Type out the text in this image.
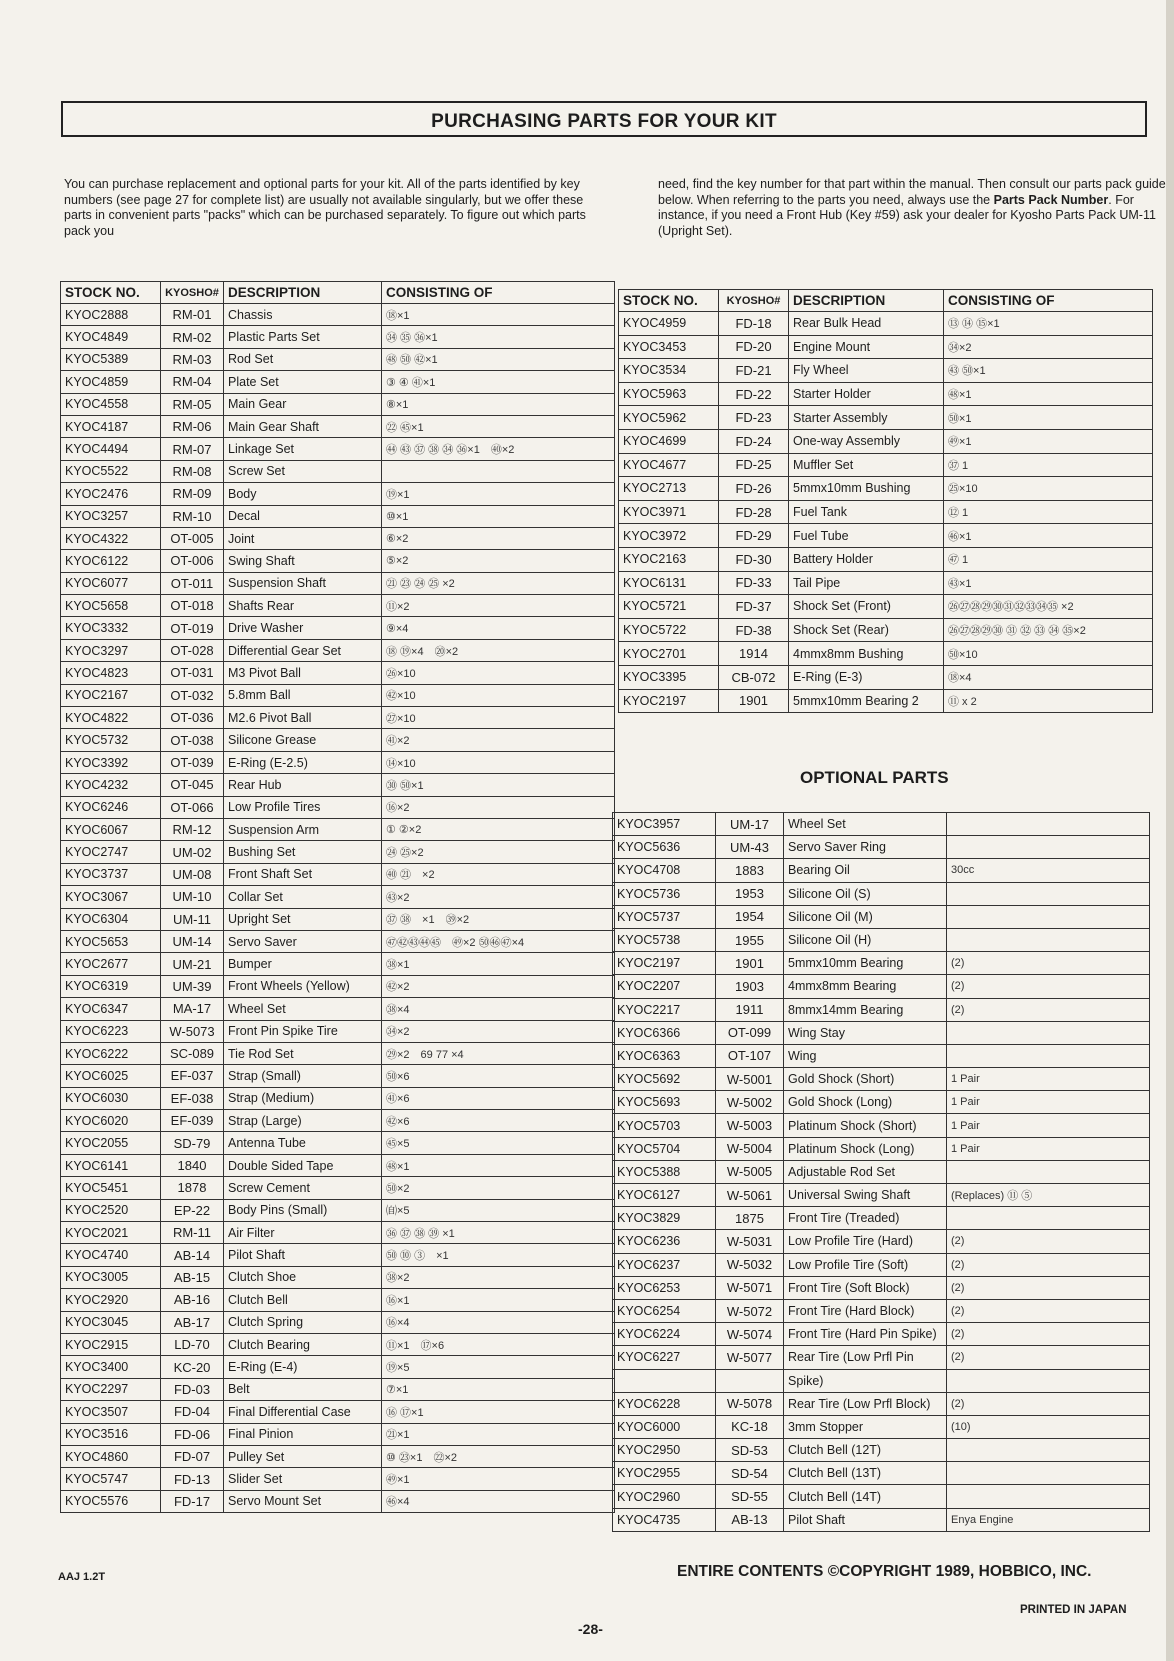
PURCHASING PARTS FOR YOUR KIT
You can purchase replacement and optional parts for your kit. All of the parts identified by key numbers (see page 27 for complete list) are usually not available singularly, but we offer these parts in convenient parts "packs" which can be purchased separately. To figure out which parts pack you
need, find the key number for that part within the manual. Then consult our parts pack guide below. When referring to the parts you need, always use the Parts Pack Number. For instance, if you need a Front Hub (Key #59) ask your dealer for Kyosho Parts Pack UM-11 (Upright Set).
STOCK NO.	KYOSHO#	DESCRIPTION	CONSISTING OF
KYOC2888	RM-01	Chassis	⑱×1
KYOC4849	RM-02	Plastic Parts Set	㉞ ㉟ ㊱×1
KYOC5389	RM-03	Rod Set	㊽ ㊿ ㊷×1
KYOC4859	RM-04	Plate Set	③ ④ ㊶×1
KYOC4558	RM-05	Main Gear	⑧×1
KYOC4187	RM-06	Main Gear Shaft	㉒ ㊺×1
KYOC4494	RM-07	Linkage Set	㊹ ㊸ ㊲ ㊳ ㉞ ㊱×1　㊵×2
KYOC5522	RM-08	Screw Set	
KYOC2476	RM-09	Body	⑲×1
KYOC3257	RM-10	Decal	⑩×1
KYOC4322	OT-005	Joint	⑥×2
KYOC6122	OT-006	Swing Shaft	⑤×2
KYOC6077	OT-011	Suspension Shaft	㉑ ㉓ ㉔ ㉕ ×2
KYOC5658	OT-018	Shafts Rear	⑪×2
KYOC3332	OT-019	Drive Washer	⑨×4
KYOC3297	OT-028	Differential Gear Set	⑱ ⑲×4　⑳×2
KYOC4823	OT-031	M3 Pivot Ball	㉖×10
KYOC2167	OT-032	5.8mm Ball	㊷×10
KYOC4822	OT-036	M2.6 Pivot Ball	㉗×10
KYOC5732	OT-038	Silicone Grease	㊶×2
KYOC3392	OT-039	E-Ring (E-2.5)	⑭×10
KYOC4232	OT-045	Rear Hub	㉚ ㊿×1
KYOC6246	OT-066	Low Profile Tires	⑯×2
KYOC6067	RM-12	Suspension Arm	① ②×2
KYOC2747	UM-02	Bushing Set	㉔ ㉕×2
KYOC3737	UM-08	Front Shaft Set	㊵ ㉑　×2
KYOC3067	UM-10	Collar Set	㊸×2
KYOC6304	UM-11	Upright Set	㊲ ㊳　×1　㊴×2
KYOC5653	UM-14	Servo Saver	㊼㊷㊸㊹㊺　㊾×2 ㊿㊻㊼×4
KYOC2677	UM-21	Bumper	㊳×1
KYOC6319	UM-39	Front Wheels (Yellow)	㊷×2
KYOC6347	MA-17	Wheel Set	㊳×4
KYOC6223	W-5073	Front Pin Spike Tire	㉞×2
KYOC6222	SC-089	Tie Rod Set	㉙×2　69 77 ×4
KYOC6025	EF-037	Strap (Small)	㊿×6
KYOC6030	EF-038	Strap (Medium)	㊶×6
KYOC6020	EF-039	Strap (Large)	㊷×6
KYOC2055	SD-79	Antenna Tube	㊺×5
KYOC6141	1840	Double Sided Tape	㊽×1
KYOC5451	1878	Screw Cement	㊿×2
KYOC2520	EP-22	Body Pins (Small)	㉂×5
KYOC2021	RM-11	Air Filter	㊱ ㊲ ㊳ ㊴ ×1
KYOC4740	AB-14	Pilot Shaft	㊿ ⑩ ③　×1
KYOC3005	AB-15	Clutch Shoe	㊳×2
KYOC2920	AB-16	Clutch Bell	⑯×1
KYOC3045	AB-17	Clutch Spring	⑯×4
KYOC2915	LD-70	Clutch Bearing	⑪×1　⑰×6
KYOC3400	KC-20	E-Ring (E-4)	⑲×5
KYOC2297	FD-03	Belt	⑦×1
KYOC3507	FD-04	Final Differential Case	⑯ ⑰×1
KYOC3516	FD-06	Final Pinion	㉑×1
KYOC4860	FD-07	Pulley Set	⑩ ㉓×1　㉒×2
KYOC5747	FD-13	Slider Set	㊾×1
KYOC5576	FD-17	Servo Mount Set	㊻×4
STOCK NO.	KYOSHO#	DESCRIPTION	CONSISTING OF
KYOC4959	FD-18	Rear Bulk Head	⑬ ⑭ ⑮×1
KYOC3453	FD-20	Engine Mount	㉞×2
KYOC3534	FD-21	Fly Wheel	㊸ ㊿×1
KYOC5963	FD-22	Starter Holder	㊽×1
KYOC5962	FD-23	Starter Assembly	㊿×1
KYOC4699	FD-24	One-way Assembly	㊾×1
KYOC4677	FD-25	Muffler Set	㊲ 1
KYOC2713	FD-26	5mmx10mm Bushing	㉕×10
KYOC3971	FD-28	Fuel Tank	⑫ 1
KYOC3972	FD-29	Fuel Tube	㊻×1
KYOC2163	FD-30	Battery Holder	㊼ 1
KYOC6131	FD-33	Tail Pipe	㊸×1
KYOC5721	FD-37	Shock Set (Front)	㉖㉗㉘㉙㉚㉛㉜㉝㉞㉟ ×2
KYOC5722	FD-38	Shock Set (Rear)	㉖㉗㉘㉙㉚ ㉛ ㉜ ㉝ ㉞ ㉟×2
KYOC2701	1914	4mmx8mm Bushing	㊿×10
KYOC3395	CB-072	E-Ring (E-3)	⑱×4
KYOC2197	1901	5mmx10mm Bearing 2	⑪ x 2
OPTIONAL PARTS
KYOC3957	UM-17	Wheel Set	
KYOC5636	UM-43	Servo Saver Ring	
KYOC4708	1883	Bearing Oil	30cc
KYOC5736	1953	Silicone Oil (S)	
KYOC5737	1954	Silicone Oil (M)	
KYOC5738	1955	Silicone Oil (H)	
KYOC2197	1901	5mmx10mm Bearing	(2)
KYOC2207	1903	4mmx8mm Bearing	(2)
KYOC2217	1911	8mmx14mm Bearing	(2)
KYOC6366	OT-099	Wing Stay	
KYOC6363	OT-107	Wing	
KYOC5692	W-5001	Gold Shock (Short)	1 Pair
KYOC5693	W-5002	Gold Shock (Long)	1 Pair
KYOC5703	W-5003	Platinum Shock (Short)	1 Pair
KYOC5704	W-5004	Platinum Shock (Long)	1 Pair
KYOC5388	W-5005	Adjustable Rod Set	
KYOC6127	W-5061	Universal Swing Shaft	(Replaces) ⑪ ⑤
KYOC3829	1875	Front Tire (Treaded)	
KYOC6236	W-5031	Low Profile Tire (Hard)	(2)
KYOC6237	W-5032	Low Profile Tire (Soft)	(2)
KYOC6253	W-5071	Front Tire (Soft Block)	(2)
KYOC6254	W-5072	Front Tire (Hard Block)	(2)
KYOC6224	W-5074	Front Tire (Hard Pin Spike)	(2)
KYOC6227	W-5077	Rear Tire (Low Prfl Pin	(2)
		Spike)	
KYOC6228	W-5078	Rear Tire (Low Prfl Block)	(2)
KYOC6000	KC-18	3mm Stopper	(10)
KYOC2950	SD-53	Clutch Bell (12T)	
KYOC2955	SD-54	Clutch Bell (13T)	
KYOC2960	SD-55	Clutch Bell (14T)	
KYOC4735	AB-13	Pilot Shaft	Enya Engine
ENTIRE CONTENTS ©COPYRIGHT 1989, HOBBICO, INC.
PRINTED IN JAPAN
AAJ 1.2T
-28-
